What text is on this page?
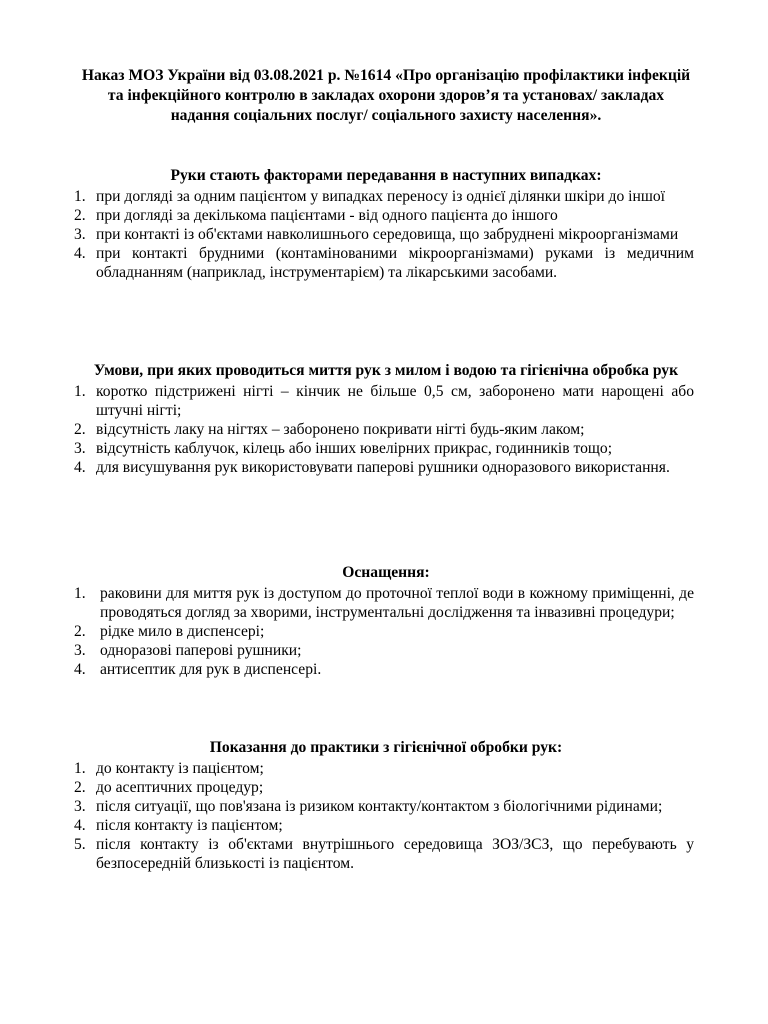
Наказ МОЗ України від 03.08.2021 р. №1614 «Про організацію профілактики інфекцій та інфекційного контролю в закладах охорони здоров’я та установах/ закладах надання соціальних послуг/ соціального захисту населення».
Руки стають факторами передавання в наступних випадках:
1. при догляді за одним пацієнтом у випадках переносу із однієї ділянки шкіри до іншої
2. при догляді за декількома пацієнтами - від одного пацієнта до іншого
3. при контакті із об'єктами навколишнього середовища, що забруднені мікроорганізмами
4. при контакті брудними (контамінованими мікроорганізмами) руками із медичним обладнанням (наприклад, інструментарієм) та лікарськими засобами.
Умови, при яких проводиться миття рук з милом і водою та гігієнічна обробка рук
1. коротко підстрижені нігті – кінчик не більше 0,5 см, заборонено мати нарощені або штучні нігті;
2. відсутність лаку на нігтях – заборонено покривати нігті будь-яким лаком;
3. відсутність каблучок, кілець або інших ювелірних прикрас, годинників тощо;
4. для висушування рук використовувати паперові рушники одноразового використання.
Оснащення:
1. раковини для миття рук із доступом до проточної теплої води в кожному приміщенні, де проводяться догляд за хворими, інструментальні дослідження та інвазивні процедури;
2. рідке мило в диспенсері;
3. одноразові паперові рушники;
4. антисептик для рук в диспенсері.
Показання до практики з гігієнічної обробки рук:
1. до контакту із пацієнтом;
2. до асептичних процедур;
3. після ситуації, що пов'язана із ризиком контакту/контактом з біологічними рідинами;
4. після контакту із пацієнтом;
5. після контакту із об'єктами внутрішнього середовища ЗОЗ/ЗСЗ, що перебувають у безпосередній близькості із пацієнтом.
